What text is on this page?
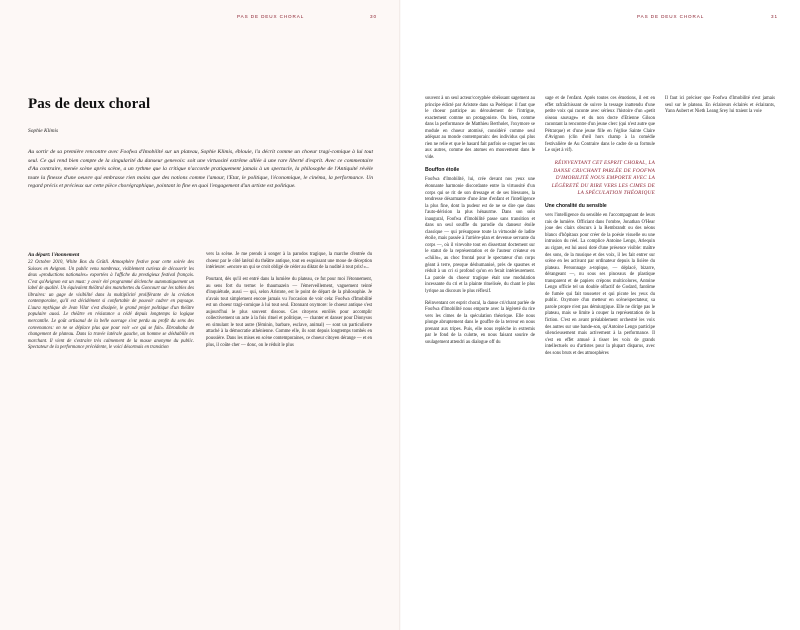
PAS DE DEUX CHORAL	30	PAS DE DEUX CHORAL	31
Pas de deux choral
Sophie Klimis
Au sortir de sa première rencontre avec Foofwa d'Imobilité sur un plateau, Sophie Klimis, éblouie, l'a décrit comme un choeur tragi-comique à lui tout seul. Ce qui rend bien compte de la singularité du danseur genevois: soit une virtuosité extrême alliée à une rare liberté d'esprit. Avec ce commentaire d'Au contraire, menée scène après scène, a un rythme que la critique n'accorde pratiquement jamais à un spectacle, la philosophe de l'Antiquité révèle toute la finesse d'une oeuvre qui embrasse rien moins que des notions comme l'amour, l'Etat, le politique, l'économique, le cinéma, la performance. Un regard précis et précieux sur cette pièce chorégraphique, pointant in fine en quoi l'engagement d'un artiste est politique.
Au départ: l'étonnement

22 Octobre 2010, White Box du Grütli. Atmosphère festive pour cette soirée des Suisses en Avignon. Un public venu nombreux, visiblement curieux de découvrir les deux «productions nationales» exportées à l'affiche du prestigieux festival français. C'est qu'Avignon est un must: y avoir été programmé déclenche automatiquement un label de qualité. Un équivalent théâtral des manchettes du Goncourt sur les tables des libraires: un gage de visibilité dans la multiplicité proliférante de la création contemporaine, qu'il est décidément si confortable de pouvoir cadrer en paysage. L'aura mythique de Jean Vilar s'est dissipée, le grand projet politique d'un théâtre populaire aussi. Le théâtre en résistance a cédé depuis longtemps la logique mercantile. Le goût artisanal de la belle ouvrage s'est perdu au profit du sens des convenances: on ne se déplace plus que pour voir «ce qui se fait». Ebrouhaha de changement de plateau. Dans la travée latérale gauche, un homme se déshabille en marchant. Il vient de s'extraire très calmement de la masse anonyme du public. Spectateur de la performance précédente, le voici désormais en transition

vers la scène. Je me prends à songer à la parodos tragique, la marche d'entrée du choeur par le côté latéral du théâtre antique, tout en esquissant une moue de déception intérieure: «encore un qui se croit obligé de céder au diktat de la nudité à tout prix!»...

Pourtant, dès qu'il est entré dans la lumière du plateau, ce fut pour moi l'étonnement, au sens fort du terme: le thaumazein — l'émerveillement, vaguement teinté d'inquiétude, aussi — qui, selon Aristote, est le point de départ de la philosophie. Je n'avais tout simplement encore jamais vu l'occasion de voir cela: Foofwa d'Imobilité est un choeur tragi-comique à lui tout seul. Etonnant oxymore: le choeur antique s'est aujourd'hui le plus souvent dissous. Ces citoyens enrôlés pour accomplir collectivement un acte à la fois rituel et politique, — chanter et danser pour Dionysos en simulant le tout autre (féminin, barbare, esclave, animal) — sont un particulierre attaché à la démocratie athénienne. Comme elle, ils sont depuis longtemps tombés en poussière. Dans les mises en scène contemporaines, ce choeur citoyen dérange — et en plus, il coûte cher — donc, on le réduit le plus

souvent à un seul acteur/coryphée obéissant sagement au principe édicté par Aristote dans sa Poétique: il faut que le choeur participe au déroulement de l'intrigue, exactement comme un protagoniste. Ou bien, comme dans la performance de Matthieu Bertholet, l'oxymore se module en choeur atomisé, considéré comme seul adéquat au monde contemporain: des individus qui plus rien ne relie et que le hasard fait parfois se cogner les uns aux autres, comme des atomes en mouvement dans le vide.

Bouffon étoile

Foofwa d'Imobilité, lui, crée devant nos yeux une étonnante harmonie discordante entre la virtuosité d'un corps qui se rit de son dressage et de ses blessures, la tendresse désarmante d'une âme d'enfant et l'intelligence la plus fine, dont la pudeur est de ne se dire que dans l'auto-dérision la plus hénaurme. Dans son solo inaugural, Foofwa d'Imobilité passe sans transition et dans un seul souffle du parodie du danseur étoile classique — qui présuppose toute la virtuosité de ladite étoile, mais passée à l'arrière-plan et devenue servante du corps —, où il virevolte tout en dissertant doctement sur le statut de la représentation et de l'auteur créateur en «chiilo», au choc frontal pour le spectateur d'un corps géant à terre, presque déshumanisé, près de spasmes et réduit à un cri si profond qu'on en ferait intérieurement. La parole du choeur tragique était une modulation incessante du cri et la plainte rituelisée, du chant le plus lyrique au discours le plus réflexif.

Réinventant cet esprit choral, la danse cri/chant parlée de Foofwa d'Imobilité nous emporte avec la légèreté du rire vers les cimes de la spéculation théorique. Elle nous plonge abruptement dans le gouffre de la terreur en nous prenant aux tripes. Puis, elle nous replèche in extremis par le fond de la culotte, en nous faisant sourire de soulagement attendri au dialogue off du

sage et de l'enfant. Après toutes ces émotions, il est en effet rafraîchissant de suivre la tessage inattendu d'une petite voix qui raconte avec sérieux l'histoire d'un «petit oiseau sauvage» et du non docte d'Etienne Gilson racontant la rencontre d'un jeune clerc (qui n'est autre que Pétrarque) et d'une jeune fille en l'église Sainte Claire d'Avignon (clin d'œil hors champ à la comédie festivalière de Au Contraire dans le cadre de sa formule Le sujet à vif).

RÉINVENTANT CET ESPRIT CHORAL, LA DANSE CRI/CHANT PARLÉE DE FOOFWA D'IMOBILITÉ NOUS EMPORTE AVEC LA LÉGÈRETÉ DU RIRE VERS LES CIMES DE LA SPÉCULATION THÉORIQUE

Une choralité du sensible

vers l'intelligence du sensible en l'accompagnant de leurs rais de lumière. Officiant dans l'ombre, Jonathan O'Hear joue des clairs obscurs à la Rembrandt ou des néons blancs d'hôpitaux pour créer de la poésie visuelle ou une intrusion du réel. La complice Antoine Lengo, Arlequin au cigare, est lui aussi doté d'une présence visible: maître des sons, de la musique et des voix, il les fait entrer sur scène en les activant par ordinateur depuis la lisière du plateau. Personnage a-topique, — déplacé, bizarre, dérangeant —, nu sous ses pinceaux de plastique transparent et de papiers crépons multicolores, Antoine Lengo officie tel un double olfactif de Godard, fantôme de fumée qui fait tousseter et qui picote les yeux du public. Oxymore d'un metteur en scène/spectateur, sa parole propre n'est pas démiurgique. Elle ne dirige pas le plateau, mais se limite à couper la représentation de la fiction. C'est en avant préalablement orchestré les voix des autres sur une bande-son, qu'Antoine Lengo participe silencieusement mais activement à la performance. Il s'est en effet amusé à tisser les voix de grands intellectuels ou d'artistes pour la plupart disparus, avec des sons bruts et des atmosphères

Il faut ici préciser que Foofwa d'Imobilité n'est jamais seul sur le plateau. En éclaireurs éclairés et éclairants, Yann Aubert et Nieth Leang Srey lui traient la voie
